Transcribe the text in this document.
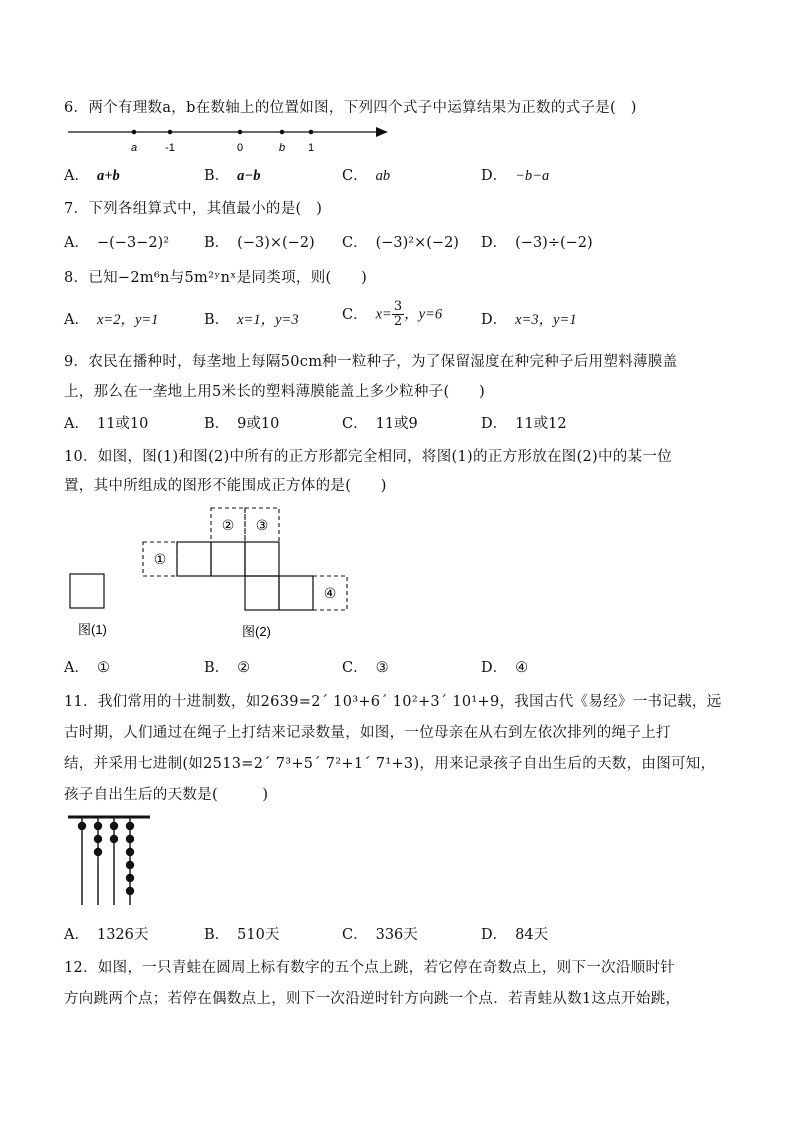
6．两个有理数a，b在数轴上的位置如图，下列四个式子中运算结果为正数的式子是(　)
a	-1	0	b 1
A． a+b	B． a−b	C． ab	D． −b−a
7．下列各组算式中，其值最小的是(　)
A． −(−3−2)² B． (−3)×(−2) C． (−3)²×(−2) D． (−3)÷(−2)
8．已知−2m⁶n与5m²ʸnˣ是同类项，则(　　)
A． x=2，y=1	B． x=1，y=3	C． $x= \frac{3}{2}$ ，y=6	D． x=3，y=1
9．农民在播种时，每垄地上每隔50cm种一粒种子，为了保留湿度在种完种子后用塑料薄膜盖
上，那么在一垄地上用5米长的塑料薄膜能盖上多少粒种子(　　)
A． 11或10	B． 9或10	C． 11或9	D． 11或12
10．如图，图(1)和图(2)中所有的正方形都完全相同，将图(1)的正方形放在图(2)中的某一位
置，其中所组成的图形不能围成正方体的是(　　)
图(1)
①
② ③
④
图(2)
A． ①	B． ②	C． ③	D． ④
11．我们常用的十进制数，如2639=2´ 10³+6´ 10²+3´ 10¹+9，我国古代《易经》一书记载，远
古时期，人们通过在绳子上打结来记录数量，如图，一位母亲在从右到左依次排列的绳子上打
结，并采用七进制(如2513=2´ 7³+5´ 7²+1´ 7¹+3)，用来记录孩子自出生后的天数，由图可知，
孩子自出生后的天数是(　　　)
A． 1326天	B． 510天	C． 336天	D． 84天
12．如图，一只青蛙在圆周上标有数字的五个点上跳，若它停在奇数点上，则下一次沿顺时针
方向跳两个点；若停在偶数点上，则下一次沿逆时针方向跳一个点．若青蛙从数1这点开始跳，
